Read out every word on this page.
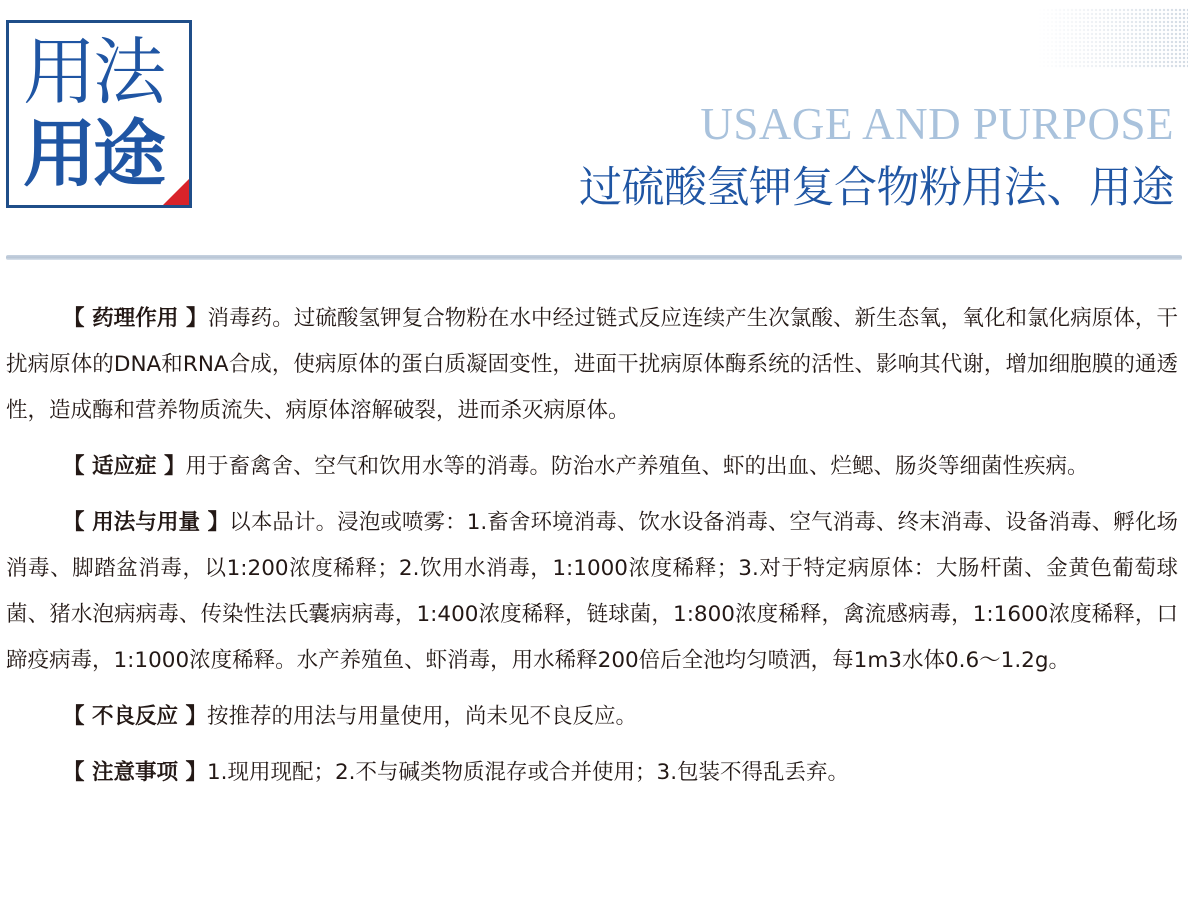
用法
用途	USAGE AND PURPOSE
过硫酸氢钾复合物粉用法、用途

【 药理作用 】消毒药。过硫酸氢钾复合物粉在水中经过链式反应连续产生次氯酸、新生态氧，氧化和氯化病原体，干扰病原体的DNA和RNA合成，使病原体的蛋白质凝固变性，进面干扰病原体酶系统的活性、影响其代谢，增加细胞膜的通透性，造成酶和营养物质流失、病原体溶解破裂，进而杀灭病原体。

【 适应症 】用于畜禽舍、空气和饮用水等的消毒。防治水产养殖鱼、虾的出血、烂鳃、肠炎等细菌性疾病。

【 用法与用量 】以本品计。浸泡或喷雾：1.畜舍环境消毒、饮水设备消毒、空气消毒、终末消毒、设备消毒、孵化场消毒、脚踏盆消毒，以1:200浓度稀释；2.饮用水消毒，1:1000浓度稀释；3.对于特定病原体：大肠杆菌、金黄色葡萄球菌、猪水泡病病毒、传染性法氏囊病病毒，1:400浓度稀释，链球菌，1:800浓度稀释，禽流感病毒，1:1600浓度稀释，口蹄疫病毒，1:1000浓度稀释。水产养殖鱼、虾消毒，用水稀释200倍后全池均匀喷洒，每1m3水体0.6～1.2g。

【 不良反应 】按推荐的用法与用量使用，尚未见不良反应。

【 注意事项 】1.现用现配；2.不与碱类物质混存或合并使用；3.包装不得乱丢弃。
